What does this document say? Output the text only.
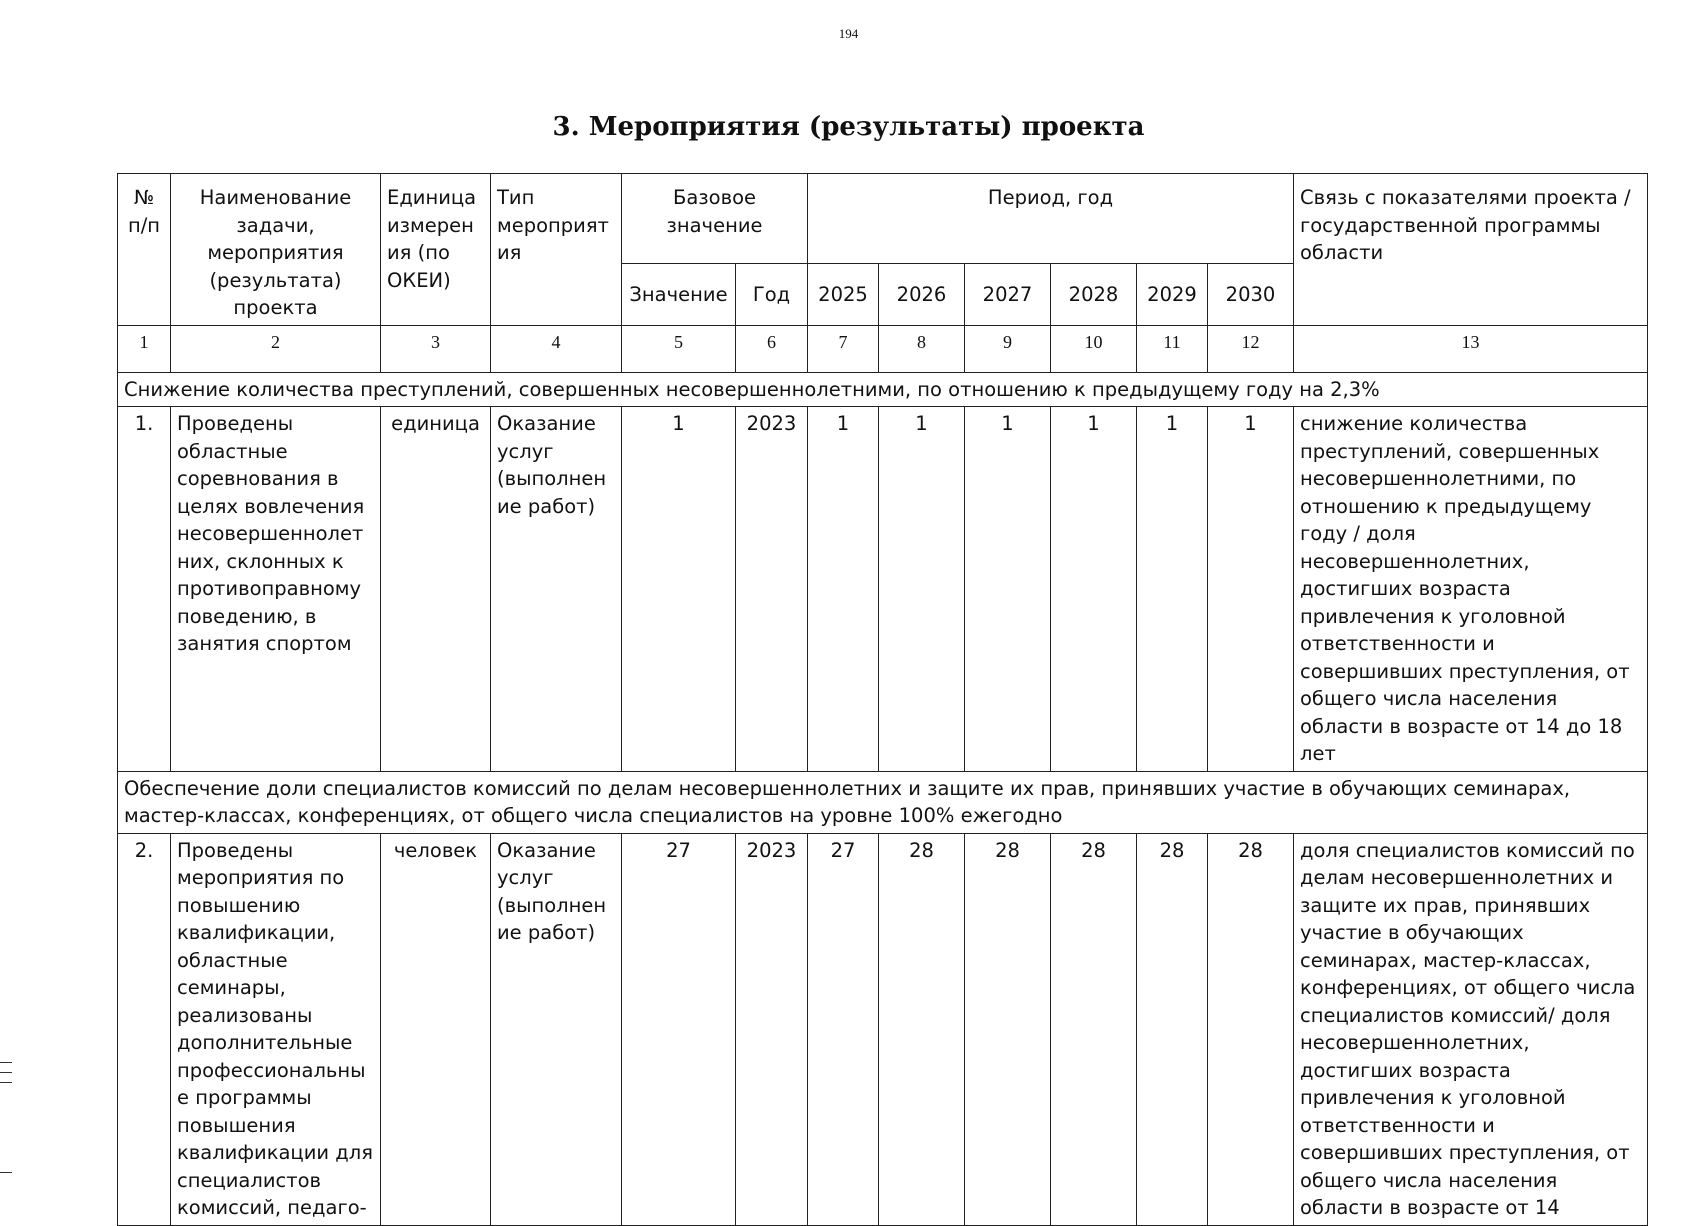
194
3. Мероприятия (результаты) проекта
№ п/п	Наименование задачи, мероприятия (результата) проекта	Единица измерения (по ОКЕИ)	Тип мероприятия	Базовое значение		Период, год						Связь с показателями проекта / государственной программы области
				Значение	Год	2025	2026	2027	2028	2029	2030	
1	2	3	4	5	6	7	8	9	10	11	12	13
Снижение количества преступлений, совершенных несовершеннолетними, по отношению к предыдущему году на 2,3%												
1.	Проведены областные соревнования в целях вовлечения несовершеннолетних, склонных к противоправному поведению, в занятия спортом	единица	Оказание услуг (выполнение работ)	1	2023	1	1	1	1	1	1	снижение количества преступлений, совершенных несовершеннолетними, по отношению к предыдущему году / доля несовершеннолетних, достигших возраста привлечения к уголовной ответственности и совершивших преступления, от общего числа населения области в возрасте от 14 до 18 лет
Обеспечение доли специалистов комиссий по делам несовершеннолетних и защите их прав, принявших участие в обучающих семинарах, мастер-классах, конференциях, от общего числа специалистов на уровне 100% ежегодно												
2.	Проведены мероприятия по повышению квалификации, областные семинары, реализованы дополнительные профессиональные программы повышения квалификации для специалистов комиссий, педаго-	человек	Оказание услуг (выполнение работ)	27	2023	27	28	28	28	28	28	доля специалистов комиссий по делам несовершеннолетних и защите их прав, принявших участие в обучающих семинарах, мастер-классах, конференциях, от общего числа специалистов комиссий/ доля несовершеннолетних, достигших возраста привлечения к уголовной ответственности и совершивших преступления, от общего числа населения области в возрасте от 14
